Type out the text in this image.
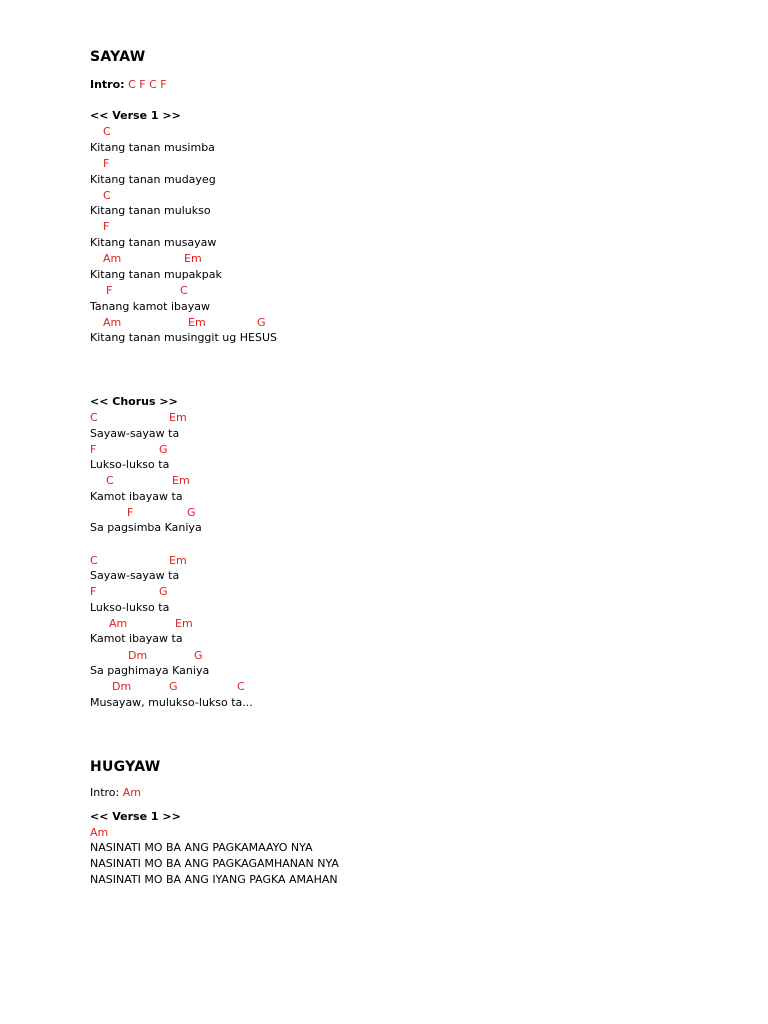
SAYAW
Intro: C F C F
<< Verse 1 >>
C
F
C
F
Am	Em
F	C
Am	Em	G
Kitang tanan musimba
Kitang tanan mudayeg
Kitang tanan mulukso
Kitang tanan musayaw
Kitang tanan mupakpak
Tanang kamot ibayaw
Kitang tanan musinggit ug HESUS
<< Chorus >>
C	Em
F	G
C	Em
F	G
Sayaw-sayaw ta
Lukso-lukso ta
Kamot ibayaw ta
Sa pagsimba Kaniya
C	Em
F	G
Am	Em
Dm	G
Dm	G	C
Sayaw-sayaw ta
Lukso-lukso ta
Kamot ibayaw ta
Sa paghimaya Kaniya
Musayaw, mulukso-lukso ta...
HUGYAW
Intro: Am
<< Verse 1 >>
Am
NASINATI MO BA ANG PAGKAMAAYO NYA
NASINATI MO BA ANG PAGKAGAMHANAN NYA
NASINATI MO BA ANG IYANG PAGKA AMAHAN
